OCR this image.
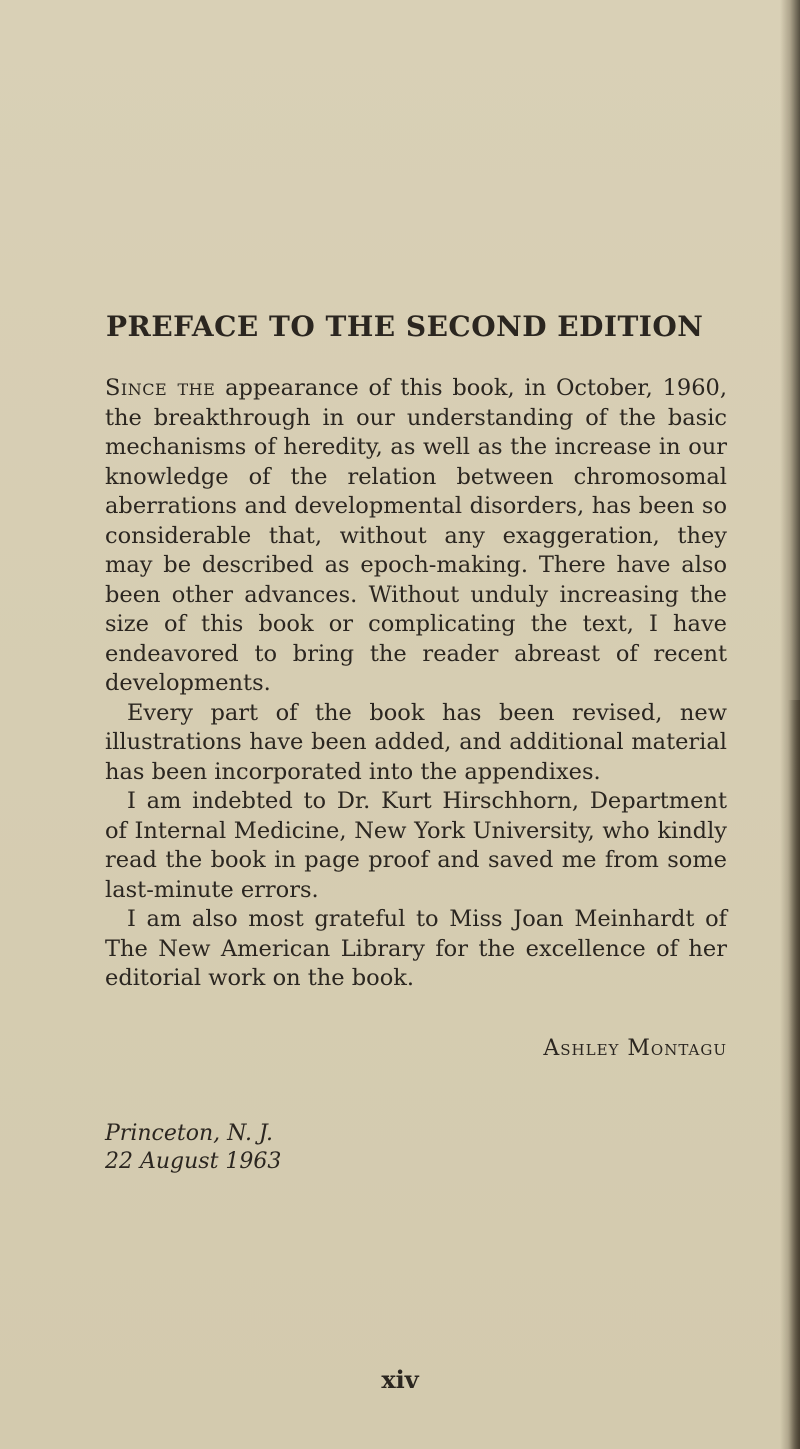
PREFACE TO THE SECOND EDITION

Since the appearance of this book, in October, 1960, the breakthrough in our understanding of the basic mechanisms of heredity, as well as the increase in our knowledge of the relation between chromosomal aberrations and developmental disorders, has been so considerable that, without any exaggeration, they may be described as epoch-making. There have also been other advances. Without unduly increasing the size of this book or complicating the text, I have endeavored to bring the reader abreast of recent developments.

Every part of the book has been revised, new illustrations have been added, and additional material has been incorporated into the appendixes.

I am indebted to Dr. Kurt Hirschhorn, Department of Internal Medicine, New York University, who kindly read the book in page proof and saved me from some last-minute errors.

I am also most grateful to Miss Joan Meinhardt of The New American Library for the excellence of her editorial work on the book.

Ashley Montagu
Princeton, N. J.
22 August 1963
xiv
